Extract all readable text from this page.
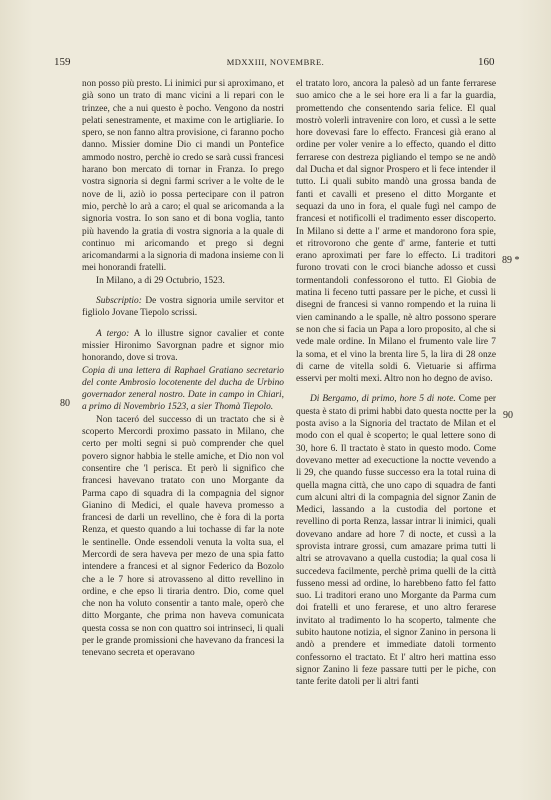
159	MDXXIII, NOVEMBRE.	160
80
89 *
90

non posso più presto. Li inimici pur si aproximano, et già sono un trato di manc vicini a li repari con le trinzee, che a nui questo è pocho. Vengono da nostri pelati senestramente, et maxime con le artigliarie. Io spero, se non fanno altra provisione, ci faranno pocho danno. Missier domine Dio ci mandi un Pontefice ammodo nostro, perchè io credo se sarà cussì francesi harano bon mercato di tornar in Franza. Io prego vostra signoria si degni farmi scriver a le volte de le nove de li, aziò io possa pertecipare con il patron mio, perchè lo arà a caro; el qual se aricomanda a la signoria vostra. Io son sano et di bona voglia, tanto più havendo la gratia di vostra signoria a la quale di continuo mi aricomando et prego si degni aricomandarmi a la signoria di madona insieme con li mei honorandi fratelli.

In Milano, a di 29 Octubrio, 1523.

Subscriptio: De vostra signoria umile servitor et figliolo Jovane Tiepolo scrissi.

A tergo: A lo illustre signor cavalier et conte missier Hironimo Savorgnan padre et signor mio honorando, dove si trova.

Copia di una lettera di Raphael Gratiano secretario del conte Ambrosio locotenente del ducha de Urbino governador zeneral nostro. Date in campo in Chiari, a primo di Novembrio 1523, a sier Thomà Tiepolo.

Non taceró del successo di un tractato che si è scoperto Mercordi proximo passato in Milano, che certo per molti segni si può comprender che quel povero signor habbia le stelle amiche, et Dio non vol consentire che 'l perisca. Et però li significo che francesi havevano tratato con uno Morgante da Parma capo di squadra di la compagnia del signor Gianino di Medici, el quale haveva promesso a francesi de darli un revellino, che è fora di la porta Renza, et questo quando a lui tochasse di far la note le sentinelle. Onde essendoli venuta la volta sua, el Mercordi de sera haveva per mezo de una spia fatto intendere a francesi et al signor Federico da Bozolo che a le 7 hore si atrovasseno al ditto revellino in ordine, e che epso li tiraria dentro. Dio, come quel che non ha voluto consentir a tanto male, operò che ditto Morgante, che prima non haveva comunicata questa cossa se non con quattro soi intrinseci, li quali per le grande promissioni che havevano da francesi la tenevano secreta et operavano

el tratato loro, ancora la palesò ad un fante ferrarese suo amico che a le sei hore era li a far la guardia, promettendo che consentendo saria felice. El qual mostrò volerli intravenire con loro, et cussì a le sette hore dovevasi fare lo effecto. Francesi già erano al ordine per voler venire a lo effecto, quando el ditto ferrarese con destreza pigliando el tempo se ne andò dal Ducha et dal signor Prospero et li fece intender il tutto. Li quali subito mandò una grossa banda de fanti et cavalli et preseno el ditto Morgante et sequazi da uno in fora, el quale fugì nel campo de francesi et notificolli el tradimento esser discoperto. In Milano si dette a l' arme et mandorono fora spie, et ritrovorono che gente d' arme, fanterie et tutti erano aproximati per fare lo effecto. Li traditori furono trovati con le croci bianche adosso et cussì tormentandoli confessorono el tutto. El Giobia de matina li feceno tutti passare per le piche, et cussì li disegni de francesi si vanno rompendo et la ruina li vien caminando a le spalle, nè altro possono sperare se non che si facia un Papa a loro proposito, al che si vede male ordine. In Milano el frumento vale lire 7 la soma, et el vino la brenta lire 5, la lira di 28 onze di carne de vitella soldi 6. Vietuarie si affirma esservi per molti mexi. Altro non ho degno de aviso.

Di Bergamo, di primo, hore 5 di note. Come per questa è stato di primi habbi dato questa noctte per la posta aviso a la Signoria del tractato de Milan et el modo con el qual è scoperto; le qual lettere sono di 30, hore 6. Il tractato è stato in questo modo. Come dovevano metter ad execuctione la noctte vevendo a li 29, che quando fusse successo era la total ruina di quella magna città, che uno capo di squadra de fanti cum alcuni altri di la compagnia del signor Zanin de Medici, lassando a la custodia del portone et revellino di porta Renza, lassar intrar li inimici, quali dovevano andare ad hore 7 di nocte, et cussì a la sprovista intrare grossi, cum amazare prima tutti li altri se atrovavano a quella custodia; la qual cosa li succedeva facilmente, perchè prima quelli de la città fusseno messi ad ordine, lo harebbeno fatto fel fatto suo. Li traditori erano uno Morgante da Parma cum doi fratelli et uno ferarese, et uno altro ferarese invitato al tradimento lo ha scoperto, talmente che subito hautone notizia, el signor Zanino in persona li andò a prendere et immediate datoli tormento confessorno el tractato. Et l' altro heri mattina esso signor Zanino li feze passare tutti per le piche, con tante ferite datoli per li altri fanti
